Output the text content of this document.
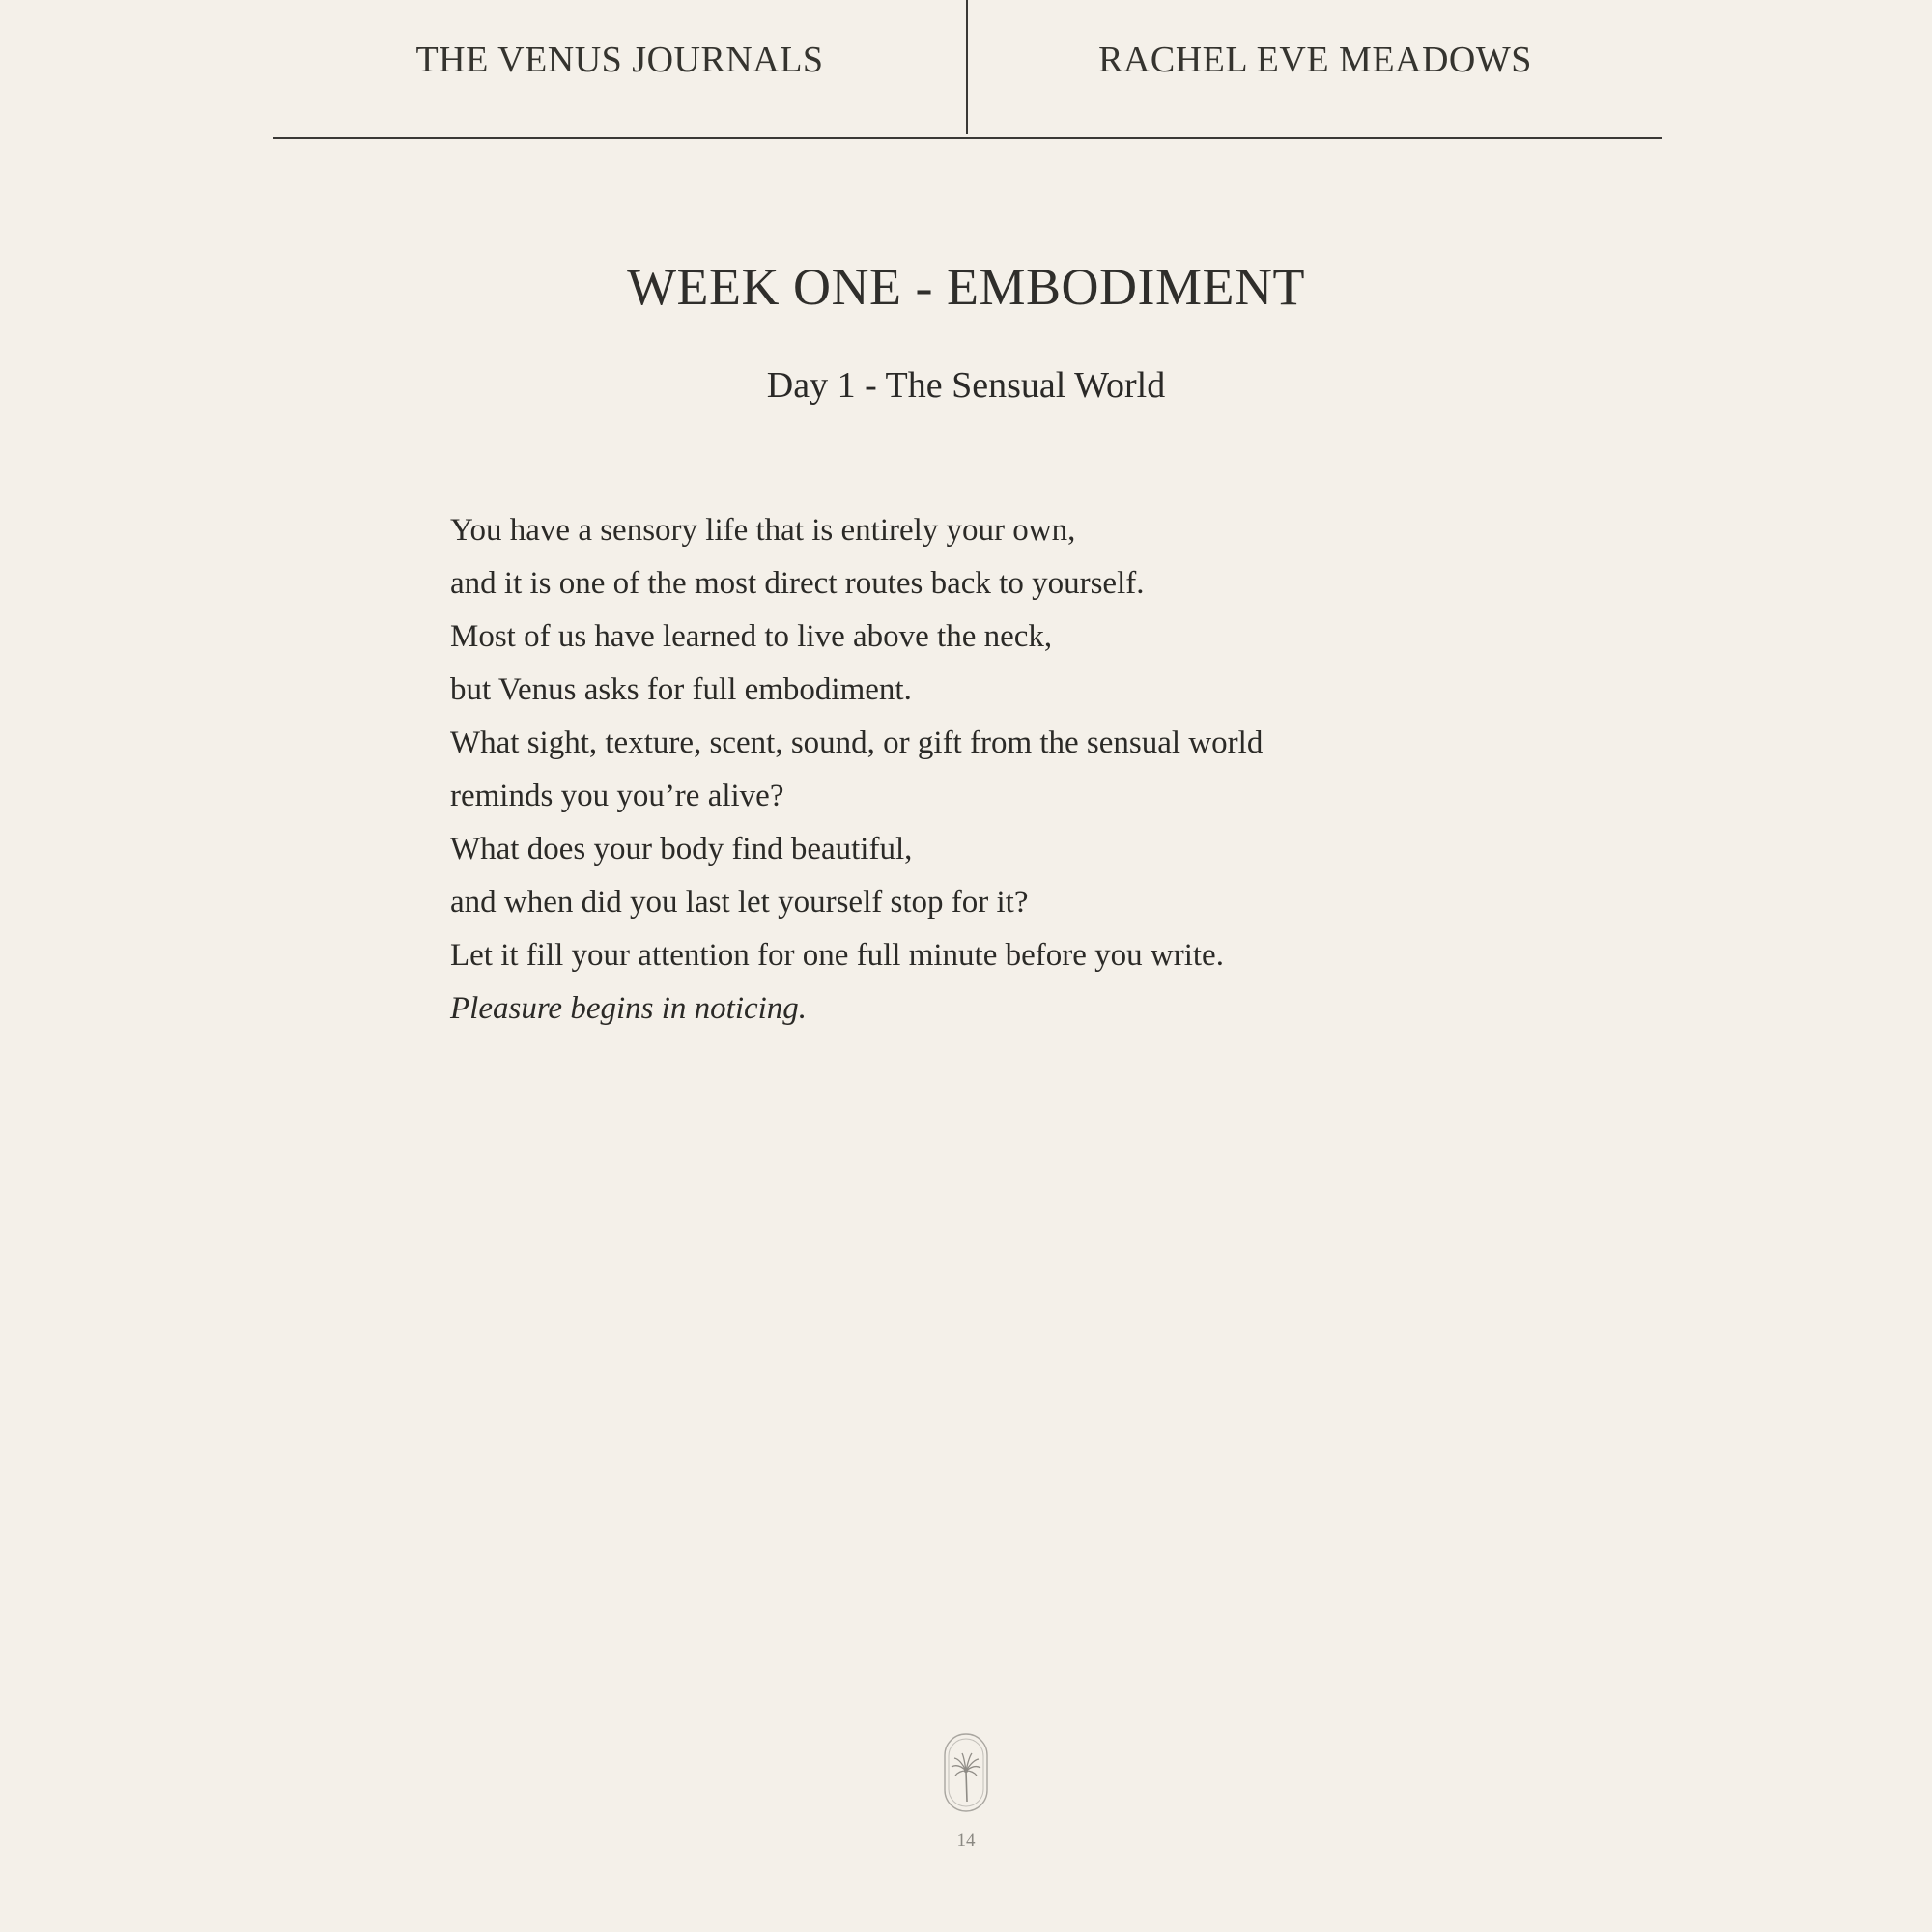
THE VENUS JOURNALS	RACHEL EVE MEADOWS
WEEK ONE - EMBODIMENT
Day 1 - The Sensual World
You have a sensory life that is entirely your own,
and it is one of the most direct routes back to yourself.
Most of us have learned to live above the neck,
but Venus asks for full embodiment.
What sight, texture, scent, sound, or gift from the sensual world
reminds you you’re alive?
What does your body find beautiful,
and when did you last let yourself stop for it?
Let it fill your attention for one full minute before you write.
Pleasure begins in noticing.
14
